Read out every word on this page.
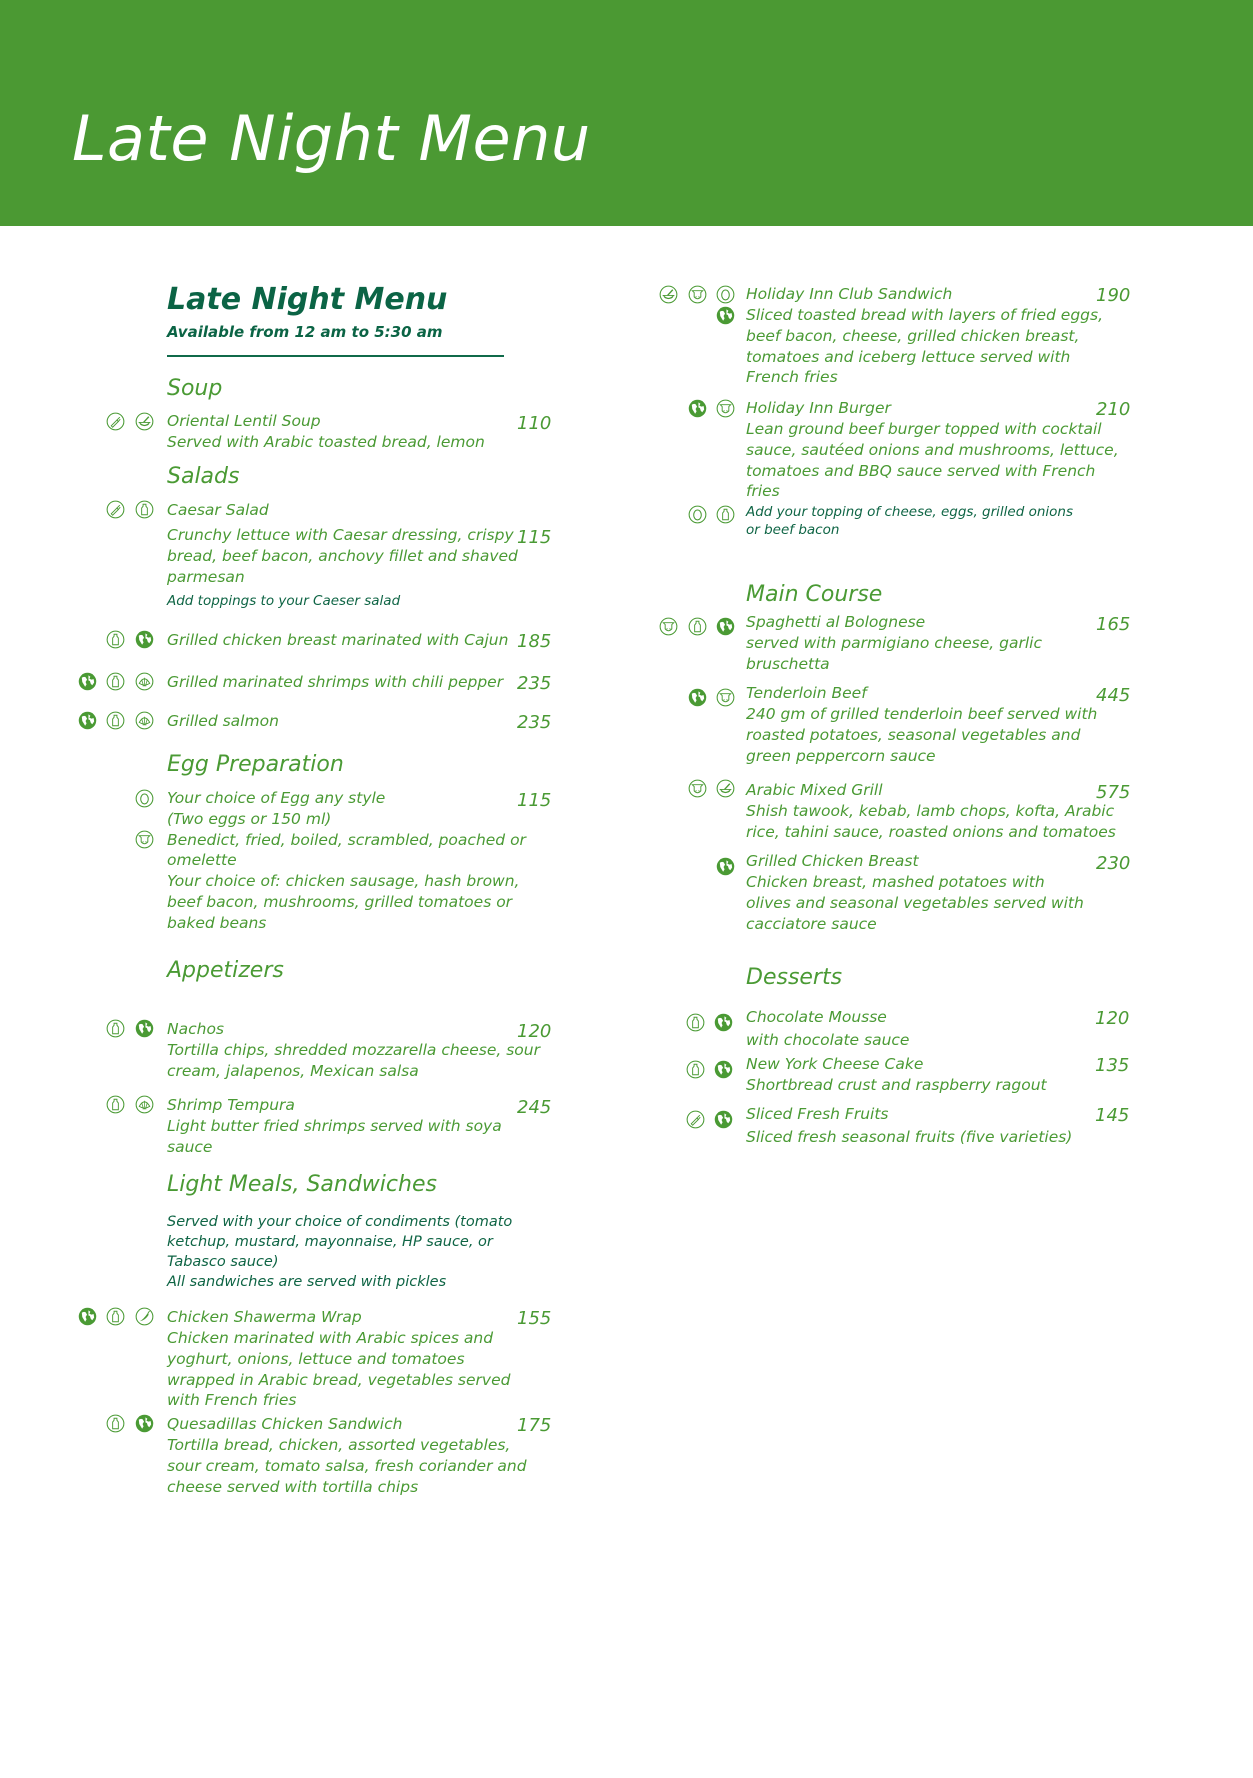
Late Night Menu
Late Night Menu
Available from 12 am to 5:30 am
Soup
Oriental Lentil Soup
Served with Arabic toasted bread, lemon
110
Salads
Caesar Salad
Crunchy lettuce with Caesar dressing, crispy
bread, beef bacon, anchovy fillet and shaved
parmesan
115
Add toppings to your Caeser salad
Grilled chicken breast marinated with Cajun 185
Grilled marinated shrimps with chili pepper 235
Grilled salmon	235
Egg Preparation
Your choice of Egg any style
(Two eggs or 150 ml)
Benedict, fried, boiled, scrambled, poached or
omelette
Your choice of: chicken sausage, hash brown,
beef bacon, mushrooms, grilled tomatoes or
baked beans
115
Appetizers
Nachos
Tortilla chips, shredded mozzarella cheese, sour
cream, jalapenos, Mexican salsa
120
Shrimp Tempura
Light butter fried shrimps served with soya
sauce
245
Light Meals, Sandwiches
Served with your choice of condiments (tomato
ketchup, mustard, mayonnaise, HP sauce, or
Tabasco sauce)
All sandwiches are served with pickles
Chicken Shawerma Wrap
Chicken marinated with Arabic spices and
yoghurt, onions, lettuce and tomatoes
wrapped in Arabic bread, vegetables served
with French fries
155
Quesadillas Chicken Sandwich
Tortilla bread, chicken, assorted vegetables,
sour cream, tomato salsa, fresh coriander and
cheese served with tortilla chips
175
Holiday Inn Club Sandwich
Sliced toasted bread with layers of fried eggs,
beef bacon, cheese, grilled chicken breast,
tomatoes and iceberg lettuce served with
French fries
190
Holiday Inn Burger
Lean ground beef burger topped with cocktail
sauce, sautéed onions and mushrooms, lettuce,
tomatoes and BBQ sauce served with French
fries
210
Add your topping of cheese, eggs, grilled onions
or beef bacon
Main Course
Spaghetti al Bolognese
served with parmigiano cheese, garlic
bruschetta
165
Tenderloin Beef
240 gm of grilled tenderloin beef served with
roasted potatoes, seasonal vegetables and
green peppercorn sauce
445
Arabic Mixed Grill
Shish tawook, kebab, lamb chops, kofta, Arabic
rice, tahini sauce, roasted onions and tomatoes
575
Grilled Chicken Breast
Chicken breast, mashed potatoes with
olives and seasonal vegetables served with
cacciatore sauce
230
Desserts
Chocolate Mousse
with chocolate sauce
120
New York Cheese Cake
Shortbread crust and raspberry ragout
135
Sliced Fresh Fruits
Sliced fresh seasonal fruits (five varieties)
145
